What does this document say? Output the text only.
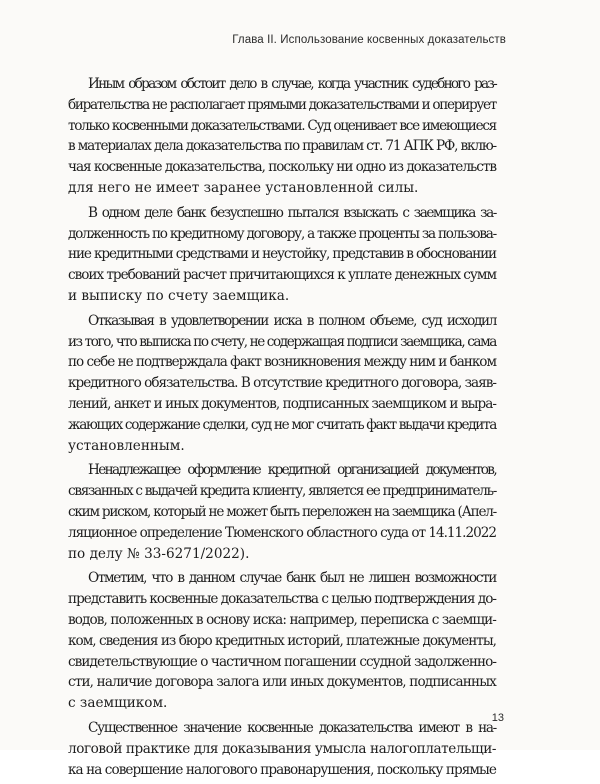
Глава II. Использование косвенных доказательств

Иным образом обстоит дело в случае, когда участник судебного раз-
бирательства не располагает прямыми доказательствами и оперирует
только косвенными доказательствами. Суд оценивает все имеющиеся
в материалах дела доказательства по правилам ст. 71 АПК РФ, вклю-
чая косвенные доказательства, поскольку ни одно из доказательств
для него не имеет заранее установленной силы.

В одном деле банк безуспешно пытался взыскать с заемщика за-
долженность по кредитному договору, а также проценты за пользова-
ние кредитными средствами и неустойку, представив в обосновании
своих требований расчет причитающихся к уплате денежных сумм
и выписку по счету заемщика.

Отказывая в удовлетворении иска в полном объеме, суд исходил
из того, что выписка по счету, не содержащая подписи заемщика, сама
по себе не подтверждала факт возникновения между ним и банком
кредитного обязательства. В отсутствие кредитного договора, заяв-
лений, анкет и иных документов, подписанных заемщиком и выра-
жающих содержание сделки, суд не мог считать факт выдачи кредита
установленным.

Ненадлежащее оформление кредитной организацией документов,
связанных с выдачей кредита клиенту, является ее предприниматель-
ским риском, который не может быть переложен на заемщика (Апел-
ляционное определение Тюменского областного суда от 14.11.2022
по делу № 33-6271/2022).

Отметим, что в данном случае банк был не лишен возможности
представить косвенные доказательства с целью подтверждения до-
водов, положенных в основу иска: например, переписка с заемщи-
ком, сведения из бюро кредитных историй, платежные документы,
свидетельствующие о частичном погашении ссудной задолженно-
сти, наличие договора залога или иных документов, подписанных
с заемщиком.

Существенное значение косвенные доказательства имеют в на-
логовой практике для доказывания умысла налогоплательщи-
ка на совершение налогового правонарушения, поскольку прямые

13
